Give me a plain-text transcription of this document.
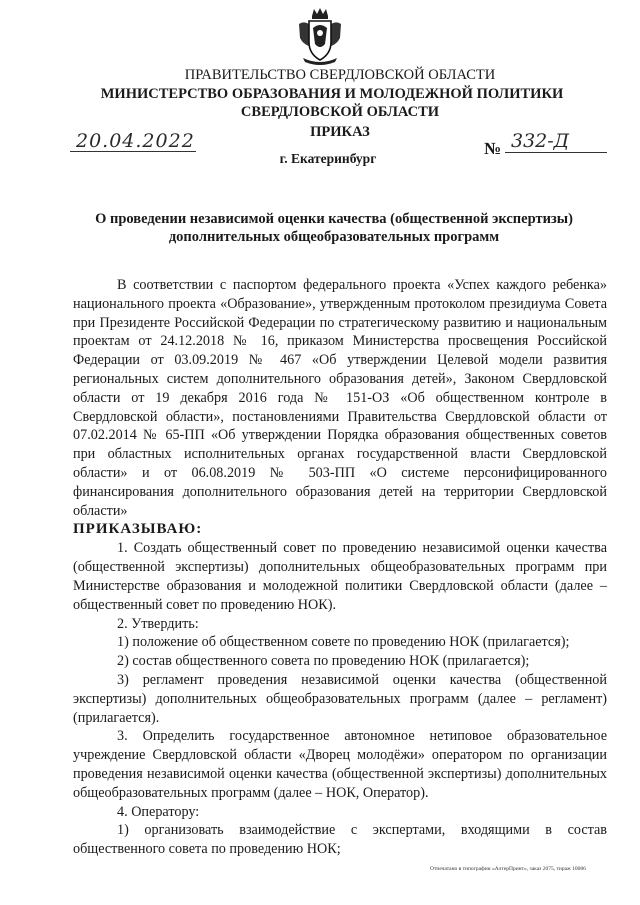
ПРАВИТЕЛЬСТВО СВЕРДЛОВСКОЙ ОБЛАСТИ
МИНИСТЕРСТВО ОБРАЗОВАНИЯ И МОЛОДЕЖНОЙ ПОЛИТИКИ
СВЕРДЛОВСКОЙ ОБЛАСТИ
ПРИКАЗ
20.04.2022	№ 332-Д
г. Екатеринбург
О проведении независимой оценки качества (общественной экспертизы)
дополнительных общеобразовательных программ

В соответствии с паспортом федерального проекта «Успех каждого ребенка» национального проекта «Образование», утвержденным протоколом президиума Совета при Президенте Российской Федерации по стратегическому развитию и национальным проектам от 24.12.2018 № 16, приказом Министерства просвещения Российской Федерации от 03.09.2019 № 467 «Об утверждении Целевой модели развития региональных систем дополнительного образования детей», Законом Свердловской области от 19 декабря 2016 года № 151-ОЗ «Об общественном контроле в Свердловской области», постановлениями Правительства Свердловской области от 07.02.2014 № 65-ПП «Об утверждении Порядка образования общественных советов при областных исполнительных органах государственной власти Свердловской области» и от 06.08.2019 № 503-ПП «О системе персонифицированного финансирования дополнительного образования детей на территории Свердловской области»

ПРИКАЗЫВАЮ:

1. Создать общественный совет по проведению независимой оценки качества (общественной экспертизы) дополнительных общеобразовательных программ при Министерстве образования и молодежной политики Свердловской области (далее – общественный совет по проведению НОК).

2. Утвердить:

1) положение об общественном совете по проведению НОК (прилагается);

2) состав общественного совета по проведению НОК (прилагается);

3) регламент проведения независимой оценки качества (общественной экспертизы) дополнительных общеобразовательных программ (далее – регламент) (прилагается).

3. Определить государственное автономное нетиповое образовательное учреждение Свердловской области «Дворец молодёжи» оператором по организации проведения независимой оценки качества (общественной экспертизы) дополнительных общеобразовательных программ (далее – НОК, Оператор).

4. Оператору:

1) организовать взаимодействие с экспертами, входящими в состав общественного совета по проведению НОК;

Отпечатано в типографии «АлтерПринт», заказ 2075, тираж 10086
